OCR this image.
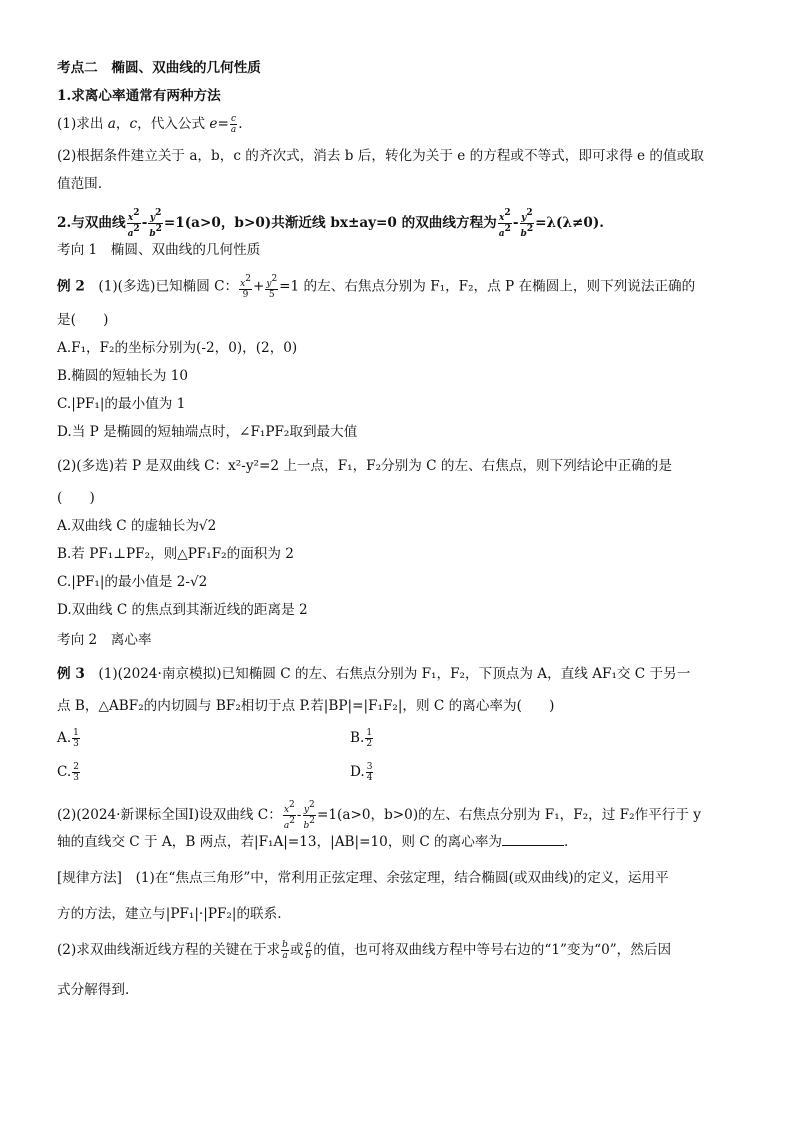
考点二　椭圆、双曲线的几何性质
1.求离心率通常有两种方法
(1)求出 a，c，代入公式 $e= \frac{c}{a}$ .
(2)根据条件建立关于 a，b，c 的齐次式，消去 b 后，转化为关于 e 的方程或不等式，即可求得 e 的值或取
值范围.
2.与双曲线 $\frac{x^2}{a^2} - \frac{y^2}{b^2} =1(a>0$，b>0)共渐近线 bx±ay=0 的双曲线方程为 $\frac{x^2}{a^2} - \frac{y^2}{b^2} =\lambda(\lambda\ne 0)$.
考向 1　椭圆、双曲线的几何性质
例 2　 (1)(多选)已知椭圆 C： $\frac{x^2}{9} + \frac{y^2}{5} =1$ 的左、右焦点分别为 F₁，F₂，点 P 在椭圆上，则下列说法正确的
是(　　)
A.F₁，F₂的坐标分别为(-2，0)，(2，0)
B.椭圆的短轴长为 10
C.|PF₁|的最小值为 1
D.当 P 是椭圆的短轴端点时，∠F₁PF₂取到最大值
(2)(多选)若 P 是双曲线 C：x²-y²=2 上一点，F₁，F₂分别为 C 的左、右焦点，则下列结论中正确的是
(　　)
A.双曲线 C 的虚轴长为√2
B.若 PF₁⊥PF₂，则△PF₁F₂的面积为 2
C.|PF₁|的最小值是 2-√2
D.双曲线 C 的焦点到其渐近线的距离是 2
考向 2　离心率
例 3　 (1)(2024·南京模拟)已知椭圆 C 的左、右焦点分别为 F₁，F₂，下顶点为 A，直线 AF₁交 C 于另一
点 B，△ABF₂的内切圆与 BF₂相切于点 P.若|BP|=|F₁F₂|，则 C 的离心率为(　　)
A. $\frac{1}{3}$	B. $\frac{1}{2}$
C. $\frac{2}{3}$	D. $\frac{3}{4}$
(2)(2024·新课标全国Ⅰ)设双曲线 C： $\frac{x^2}{a^2} - \frac{y^2}{b^2} =1(a>0$，b>0)的左、右焦点分别为 F₁，F₂，过 F₂作平行于 y
轴的直线交 C 于 A，B 两点，若|F₁A|=13，|AB|=10，则 C 的离心率为	.
[规律方法]　(1)在“焦点三角形”中，常利用正弦定理、余弦定理，结合椭圆(或双曲线)的定义，运用平
方的方法，建立与|PF₁|·|PF₂|的联系.
(2)求双曲线渐近线方程的关键在于求 $\frac{b}{a}$ 或 $\frac{a}{b}$ 的值，也可将双曲线方程中等号右边的“1”变为“0”，然后因
式分解得到.
